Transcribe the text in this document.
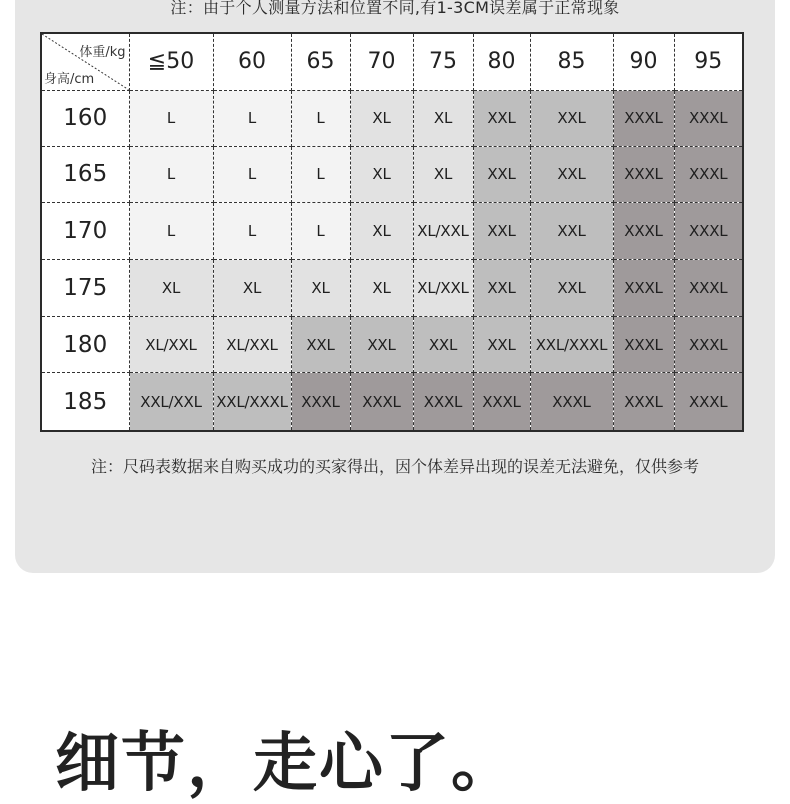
注：由于个人测量方法和位置不同,有1-3CM误差属于正常现象
体重/kg
身高/cm	≦50	60	65	70	75	80	85	90	95
160	L	L	L	XL	XL	XXL	XXL	XXXL	XXXL
165	L	L	L	XL	XL	XXL	XXL	XXXL	XXXL
170	L	L	L	XL	XL/XXL	XXL	XXL	XXXL	XXXL
175	XL	XL	XL	XL	XL/XXL	XXL	XXL	XXXL	XXXL
180	XL/XXL	XL/XXL	XXL	XXL	XXL	XXL	XXL/XXXL	XXXL	XXXL
185	XXL/XXL	XXL/XXXL	XXXL	XXXL	XXXL	XXXL	XXXL	XXXL	XXXL
注：尺码表数据来自购买成功的买家得出，因个体差异出现的误差无法避免，仅供参考
细节，走心了。
